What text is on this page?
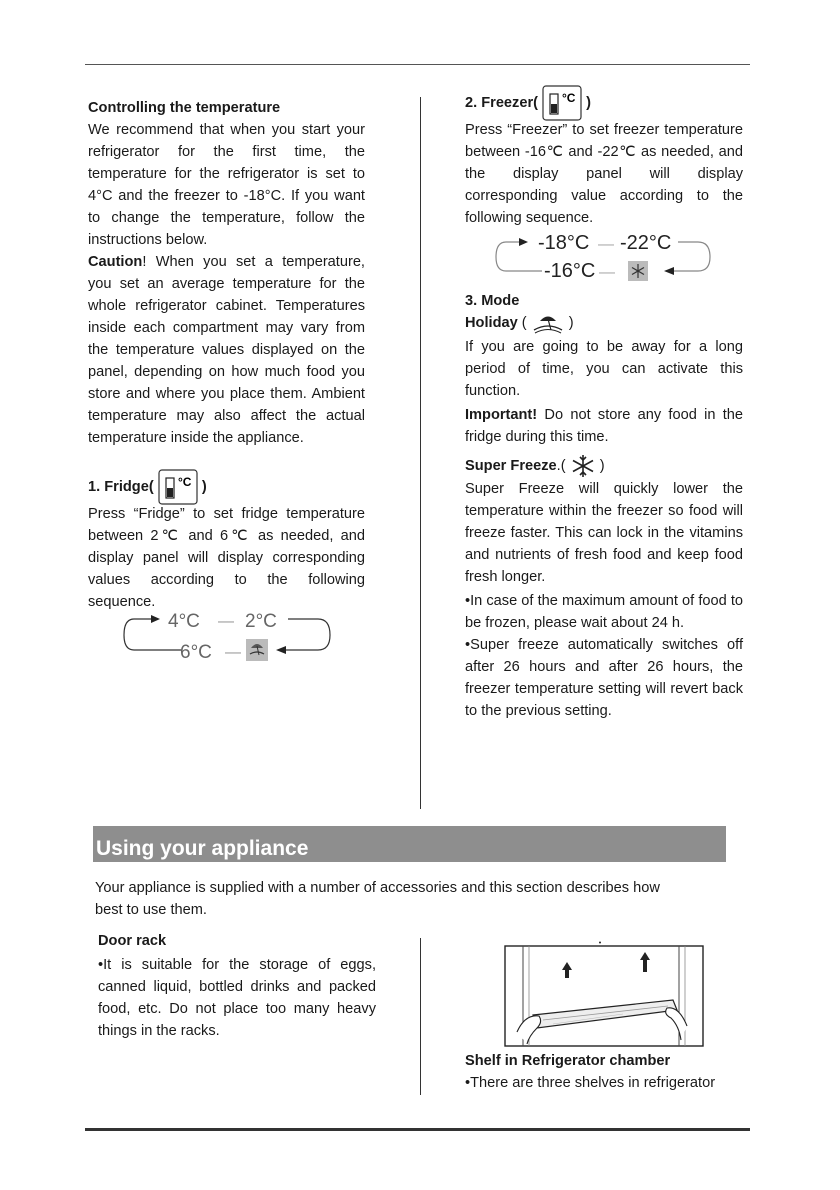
Controlling the temperature

We recommend that when you start your refrigerator for the first time, the temperature for the refrigerator is set to 4°C and the freezer to -18°C. If you want to change the temperature, follow the instructions below.

Caution! When you set a temperature, you set an average temperature for the whole refrigerator cabinet. Temperatures inside each compartment may vary from the temperature values displayed on the panel, depending on how much food you store and where you place them. Ambient temperature may also affect the actual temperature inside the appliance.

1. Fridge( °C )

Press “Fridge” to set fridge temperature between 2℃ and 6℃ as needed, and display panel will display corresponding values according to the following sequence.

4°C — 2°C
6°C —
2. Freezer( °C )

Press “Freezer” to set freezer temperature between -16℃ and -22℃ as needed, and the display panel will display corresponding value according to the following sequence.

-18°C — -22°C
-16°C —
3. Mode
Holiday (  )

If you are going to be away for a long period of time, you can activate this function.

Important! Do not store any food in the fridge during this time.

Super Freeze.(  )

Super Freeze will quickly lower the temperature within the freezer so food will freeze faster. This can lock in the vitamins and nutrients of fresh food and keep food fresh longer.

•In case of the maximum amount of food to be frozen, please wait about 24 h.

•Super freeze automatically switches off after 26 hours and after 26 hours, the freezer temperature setting will revert back to the previous setting.

Using your appliance

Your appliance is supplied with a number of accessories and this section describes how

best to use them.

Door rack

•It is suitable for the storage of eggs, canned liquid, bottled drinks and packed food, etc. Do not place too many heavy things in the racks.

Shelf in Refrigerator chamber

•There are three shelves in refrigerator
